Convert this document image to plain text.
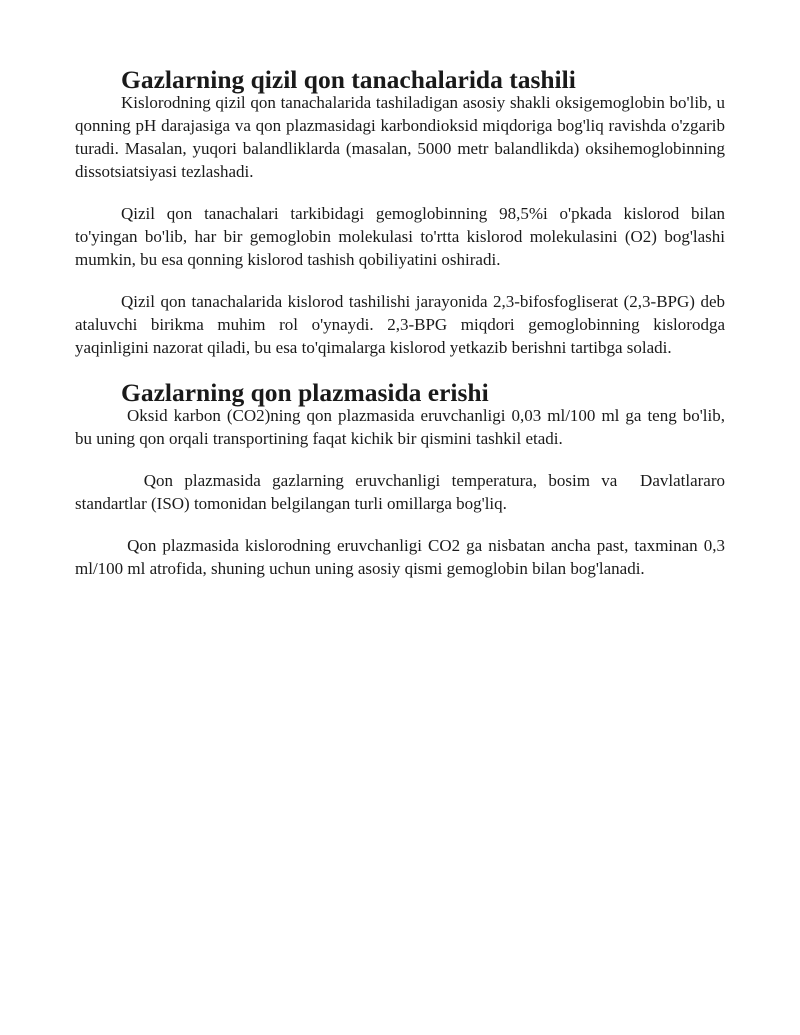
Gazlarning qizil qon tanachalarida tashili

Kislorodning qizil qon tanachalarida tashiladigan asosiy shakli oksigemoglobin bo'lib, u qonning pH darajasiga va qon plazmasidagi karbondioksid miqdoriga bog'liq ravishda o'zgarib turadi. Masalan, yuqori balandliklarda (masalan, 5000 metr balandlikda) oksihemoglobinning dissotsiatsiyasi tezlashadi.

Qizil qon tanachalari tarkibidagi gemoglobinning 98,5%i o'pkada kislorod bilan to'yingan bo'lib, har bir gemoglobin molekulasi to'rtta kislorod molekulasini (O2) bog'lashi mumkin, bu esa qonning kislorod tashish qobiliyatini oshiradi.

Qizil qon tanachalarida kislorod tashilishi jarayonida 2,3-bifosfogliserat (2,3-BPG) deb ataluvchi birikma muhim rol o'ynaydi. 2,3-BPG miqdori gemoglobinning kislorodga yaqinligini nazorat qiladi, bu esa to'qimalarga kislorod yetkazib berishni tartibga soladi.

Gazlarning qon plazmasida erishi

Oksid karbon (CO2)ning qon plazmasida eruvchanligi 0,03 ml/100 ml ga teng bo'lib, bu uning qon orqali transportining faqat kichik bir qismini tashkil etadi.

Qon plazmasida gazlarning eruvchanligi temperatura, bosim va  Davlatlararo standartlar (ISO) tomonidan belgilangan turli omillarga bog'liq.

Qon plazmasida kislorodning eruvchanligi CO2 ga nisbatan ancha past, taxminan 0,3 ml/100 ml atrofida, shuning uchun uning asosiy qismi gemoglobin bilan bog'lanadi.
